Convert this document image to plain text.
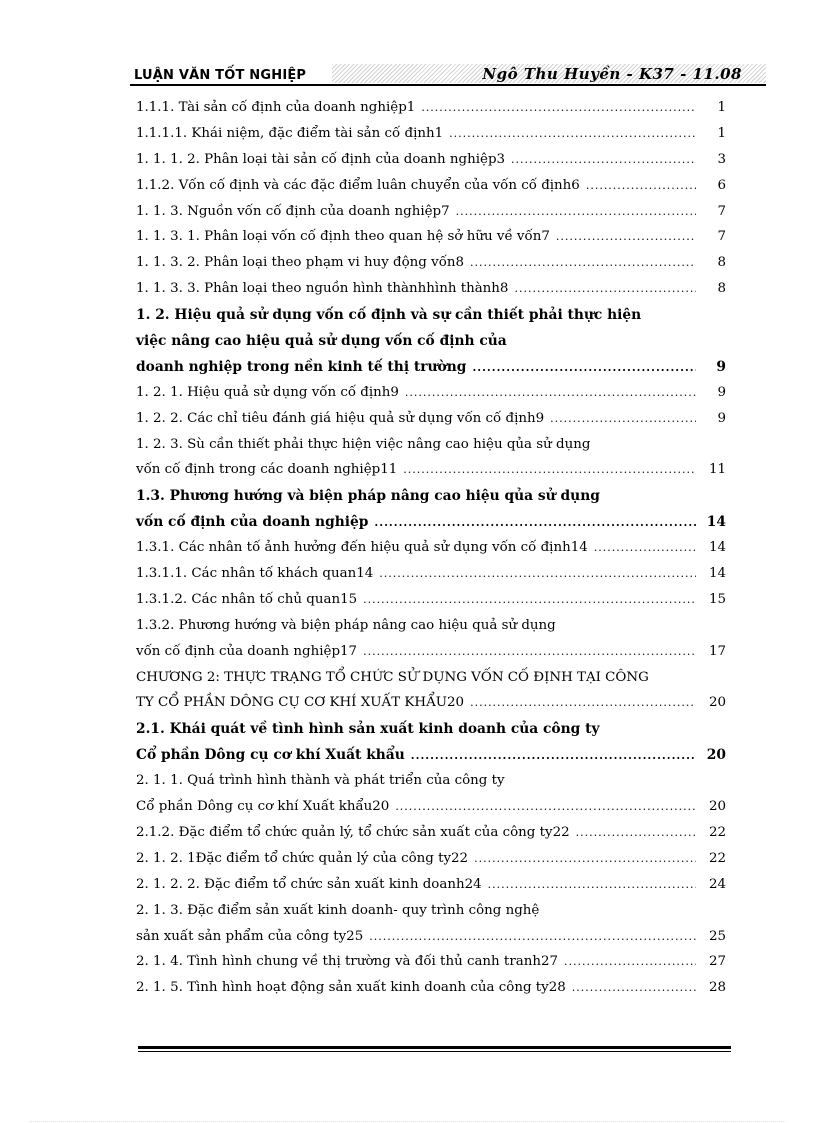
LUẬN VĂN TỐT NGHIỆP	Ngô Thu Huyền - K37 - 11.08
1.1.1. Tài sản cố định của doanh nghiệp1 .....	1
1.1.1.1. Khái niệm, đặc điểm tài sản cố định1 .....	1
1. 1. 1. 2. Phân loại tài sản cố định của doanh nghiệp3 .....	3
1.1.2. Vốn cố định và các đặc điểm luân chuyển của vốn cố định6 .....	6
1. 1. 3. Nguồn vốn cố định của doanh nghiệp7 .....	7
1. 1. 3. 1. Phân loại vốn cố định theo quan hệ sở hữu về vốn7 .....	7
1. 1. 3. 2. Phân loại theo phạm vi huy động vốn8 .....	8
1. 1. 3. 3. Phân loại theo nguồn hình thànhhình thành8 .....	8
1. 2. Hiệu quả sử dụng vốn cố định và sự cần thiết phải thực hiện
việc nâng cao hiệu quả sử dụng vốn cố định của
doanh nghiệp trong nền kinh tế thị trường .....	9
1. 2. 1. Hiệu quả sử dụng vốn cố định9 .....	9
1. 2. 2. Các chỉ tiêu đánh giá hiệu quả sử dụng vốn cố định9 .....	9
1. 2. 3. Sù cần thiết phải thực hiện việc nâng cao hiệu qủa sử dụng
vốn cố định trong các doanh nghiệp11 .....	11
1.3. Phương hướng và biện pháp nâng cao hiệu qủa sử dụng
vốn cố định của doanh nghiệp .....	14
1.3.1. Các nhân tố ảnh hưởng đến hiệu quả sử dụng vốn cố định14 .....	14
1.3.1.1. Các nhân tố khách quan14 .....	14
1.3.1.2. Các nhân tố chủ quan15 .....	15
1.3.2. Phương hướng và biện pháp nâng cao hiệu quả sử dụng
vốn cố định của doanh nghiệp17 .....	17
CHƯƠNG 2: THỰC TRẠNG TỔ CHỨC SỬ DỤNG VỐN CỐ ĐỊNH TẠI CÔNG
TY CỔ PHẦN DÔNG CỤ CƠ KHÍ XUẤT KHẨU20 .....	20
2.1. Khái quát về tình hình sản xuất kinh doanh của công ty
Cổ phần Dông cụ cơ khí Xuất khẩu .....	20
2. 1. 1. Quá trình hình thành và phát triển của công ty
Cổ phần Dông cụ cơ khí Xuất khẩu20 .....	20
2.1.2. Đặc điểm tổ chức quản lý, tổ chức sản xuất của công ty22 .....	22
2. 1. 2. 1Đặc điểm tổ chức quản lý của công ty22 .....	22
2. 1. 2. 2. Đặc điểm tổ chức sản xuất kinh doanh24 .....	24
2. 1. 3. Đặc điểm sản xuất kinh doanh- quy trình công nghệ
sản xuất sản phẩm của công ty25 .....	25
2. 1. 4. Tình hình chung về thị trường và đối thủ canh tranh27 .....	27
2. 1. 5. Tình hình hoạt động sản xuất kinh doanh của công ty28 .....	28
